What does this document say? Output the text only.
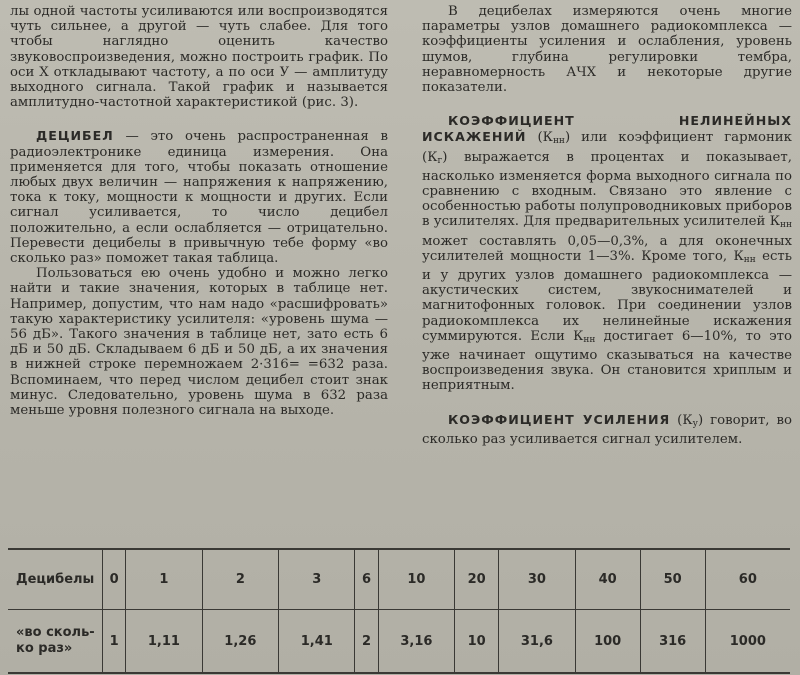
лы одной частоты усиливаются или воспроизводятся чуть сильнее, а другой — чуть слабее. Для того чтобы наглядно оценить качество звуковоспроизведения, можно построить график. По оси Х откладывают частоту, а по оси У — амплитуду выходного сигнала. Такой график и называется амплитудно-частотной характеристикой (рис. 3).

ДЕЦИБЕЛ — это очень распространенная в радиоэлектронике единица измерения. Она применяется для того, чтобы показать отношение любых двух величин — напряжения к напряжению, тока к току, мощности к мощности и других. Если сигнал усиливается, то число децибел положительно, а если ослабляется — отрицательно. Перевести децибелы в привычную тебе форму «во сколько раз» поможет такая таблица.

Пользоваться ею очень удобно и можно легко найти и такие значения, которых в таблице нет. Например, допустим, что нам надо «расшифровать» такую характеристику усилителя: «уровень шума — 56 дБ». Такого значения в таблице нет, зато есть 6 дБ и 50 дБ. Складываем 6 дБ и 50 дБ, а их значения в нижней строке перемножаем 2·316= =632 раза. Вспоминаем, что перед числом децибел стоит знак минус. Следовательно, уровень шума в 632 раза меньше уровня полезного сигнала на выходе.

В децибелах измеряются очень многие параметры узлов домашнего радиокомплекса — коэффициенты усиления и ослабления, уровень шумов, глубина регулировки тембра, неравномерность АЧХ и некоторые другие показатели.

КОЭФФИЦИЕНТ НЕЛИНЕЙНЫХ ИСКАЖЕНИЙ $(К_{нн})$ или коэффициент гармоник $(К_г)$ выражается в процентах и показывает, насколько изменяется форма выходного сигнала по сравнению с входным. Связано это явление с особенностью работы полупроводниковых приборов в усилителях. Для предварительных усилителей $К_{нн}$ может составлять 0,05—0,3%, а для оконечных усилителей мощности 1—3%. Кроме того, $К_{нн}$ есть и у других узлов домашнего радиокомплекса — акустических систем, звукоснимателей и магнитофонных головок. При соединении узлов радиокомплекса их нелинейные искажения суммируются. Если $К_{нн}$ достигает 6—10%, то это уже начинает ощутимо сказываться на качестве воспроизведения звука. Он становится хриплым и неприятным.

КОЭФФИЦИЕНТ УСИЛЕНИЯ $(К_у)$ говорит, во сколько раз усиливается сигнал усилителем.

Децибелы	0	1	2	3	6	10	20	30	40	50	60

«во сколь-
ко раз»	1	1,11	1,26	1,41	2	3,16	10	31,6	100	316	1000
